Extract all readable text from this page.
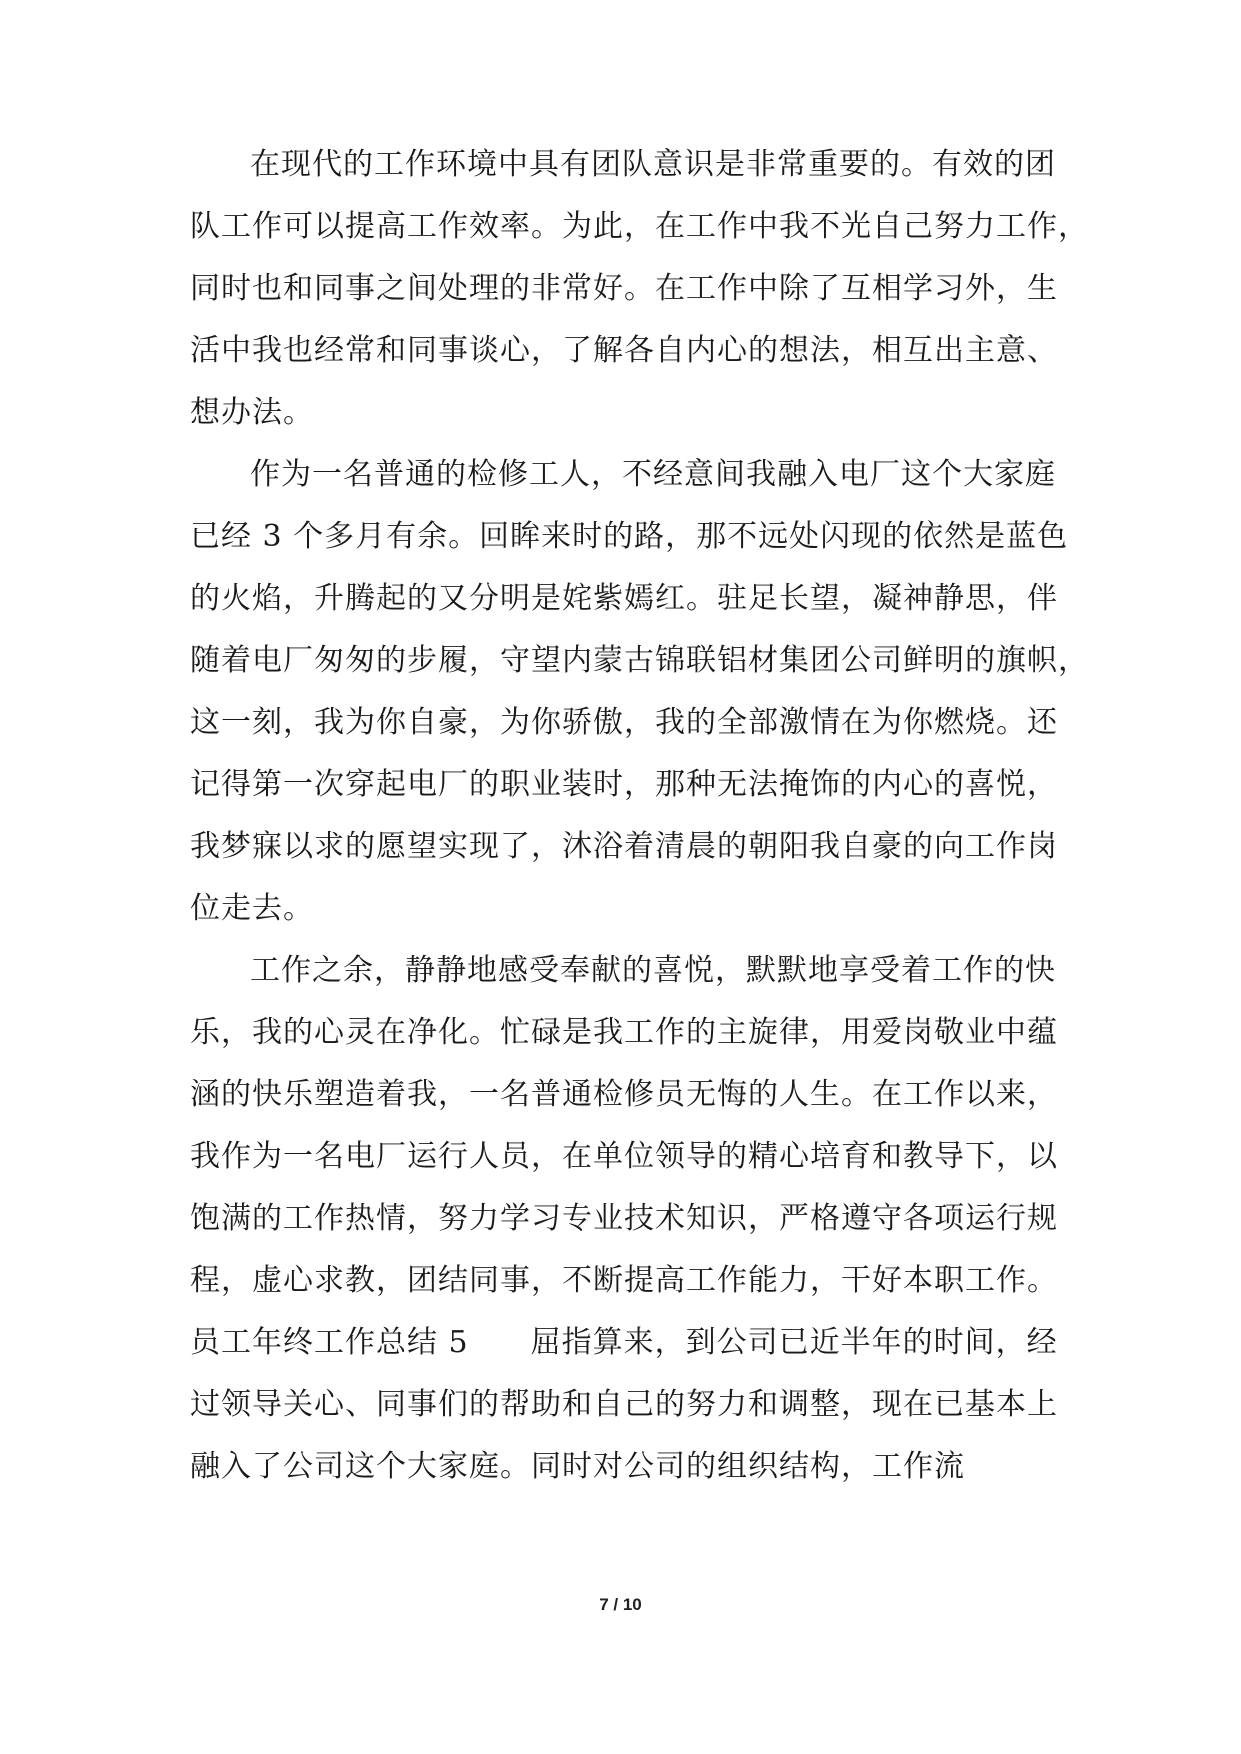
在现代的工作环境中具有团队意识是非常重要的。有效的团
队工作可以提高工作效率。为此，在工作中我不光自己努力工作，
同时也和同事之间处理的非常好。在工作中除了互相学习外，生
活中我也经常和同事谈心，了解各自内心的想法，相互出主意、
想办法。
作为一名普通的检修工人，不经意间我融入电厂这个大家庭
已经 3 个多月有余。回眸来时的路，那不远处闪现的依然是蓝色
的火焰，升腾起的又分明是姹紫嫣红。驻足长望，凝神静思，伴
随着电厂匆匆的步履，守望内蒙古锦联铝材集团公司鲜明的旗帜，
这一刻，我为你自豪，为你骄傲，我的全部激情在为你燃烧。还
记得第一次穿起电厂的职业装时，那种无法掩饰的内心的喜悦，
我梦寐以求的愿望实现了，沐浴着清晨的朝阳我自豪的向工作岗
位走去。
工作之余，静静地感受奉献的喜悦，默默地享受着工作的快
乐，我的心灵在净化。忙碌是我工作的主旋律，用爱岗敬业中蕴
涵的快乐塑造着我，一名普通检修员无悔的人生。在工作以来，
我作为一名电厂运行人员，在单位领导的精心培育和教导下，以
饱满的工作热情，努力学习专业技术知识，严格遵守各项运行规
程，虚心求教，团结同事，不断提高工作能力，干好本职工作。
员工年终工作总结 5　　屈指算来，到公司已近半年的时间，经
过领导关心、同事们的帮助和自己的努力和调整，现在已基本上
融入了公司这个大家庭。同时对公司的组织结构，工作流
7 / 10
